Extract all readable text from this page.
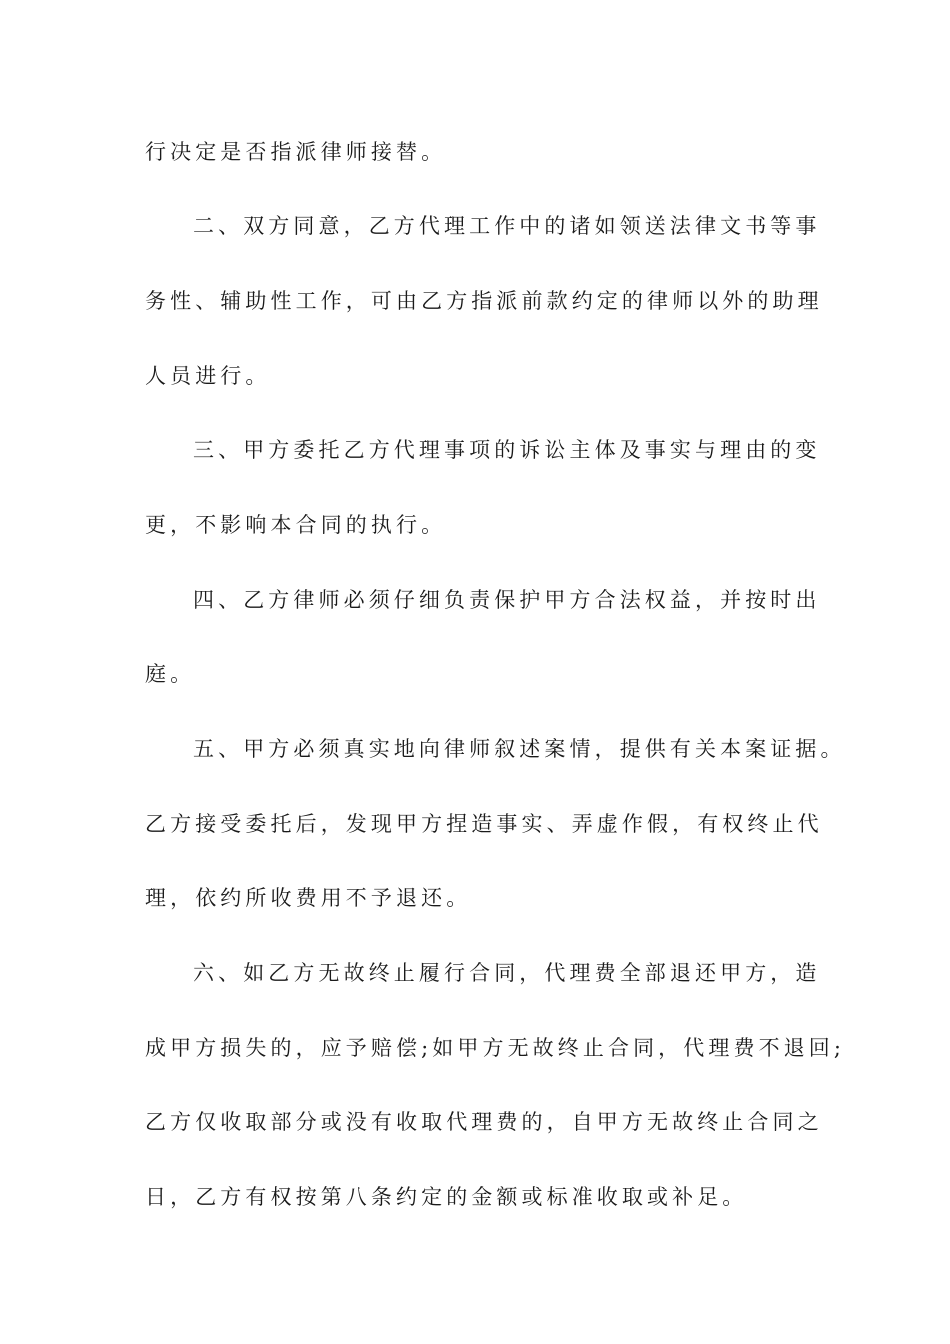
行决定是否指派律师接替。
二、双方同意，乙方代理工作中的诸如领送法律文书等事
务性、辅助性工作，可由乙方指派前款约定的律师以外的助理
人员进行。
三、甲方委托乙方代理事项的诉讼主体及事实与理由的变
更，不影响本合同的执行。
四、乙方律师必须仔细负责保护甲方合法权益，并按时出
庭。
五、甲方必须真实地向律师叙述案情，提供有关本案证据。
乙方接受委托后，发现甲方捏造事实、弄虚作假，有权终止代
理，依约所收费用不予退还。
六、如乙方无故终止履行合同，代理费全部退还甲方，造
成甲方损失的，应予赔偿;如甲方无故终止合同，代理费不退回;
乙方仅收取部分或没有收取代理费的，自甲方无故终止合同之
日，乙方有权按第八条约定的金额或标准收取或补足。
